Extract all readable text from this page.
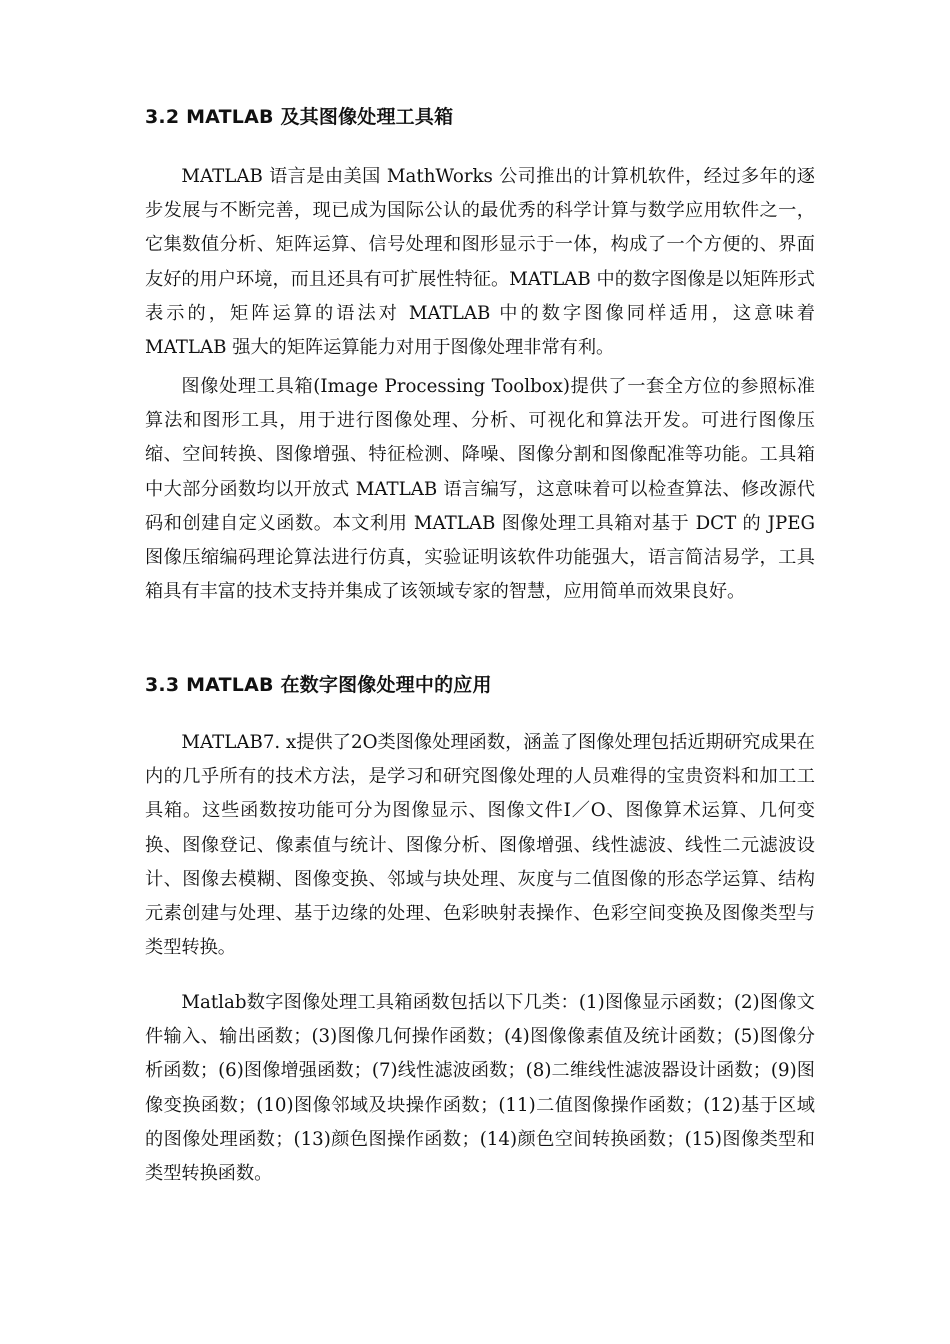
3.2 MATLAB 及其图像处理工具箱

MATLAB 语言是由美国 MathWorks 公司推出的计算机软件，经过多年的逐步发展与不断完善，现已成为国际公认的最优秀的科学计算与数学应用软件之一，它集数值分析、矩阵运算、信号处理和图形显示于一体，构成了一个方便的、界面友好的用户环境，而且还具有可扩展性特征。MATLAB 中的数字图像是以矩阵形式表示的，矩阵运算的语法对 MATLAB 中的数字图像同样适用，这意味着 MATLAB 强大的矩阵运算能力对用于图像处理非常有利。

图像处理工具箱(Image Processing Toolbox)提供了一套全方位的参照标准算法和图形工具，用于进行图像处理、分析、可视化和算法开发。可进行图像压缩、空间转换、图像增强、特征检测、降噪、图像分割和图像配准等功能。工具箱中大部分函数均以开放式 MATLAB 语言编写，这意味着可以检查算法、修改源代码和创建自定义函数。本文利用 MATLAB 图像处理工具箱对基于 DCT 的 JPEG 图像压缩编码理论算法进行仿真，实验证明该软件功能强大，语言简洁易学，工具箱具有丰富的技术支持并集成了该领域专家的智慧，应用简单而效果良好。

3.3 MATLAB 在数字图像处理中的应用

MATLAB7. x提供了2O类图像处理函数，涵盖了图像处理包括近期研究成果在内的几乎所有的技术方法，是学习和研究图像处理的人员难得的宝贵资料和加工工具箱。这些函数按功能可分为图像显示、图像文件I／O、图像算术运算、几何变换、图像登记、像素值与统计、图像分析、图像增强、线性滤波、线性二元滤波设计、图像去模糊、图像变换、邻域与块处理、灰度与二值图像的形态学运算、结构元素创建与处理、基于边缘的处理、色彩映射表操作、色彩空间变换及图像类型与类型转换。

Matlab数字图像处理工具箱函数包括以下几类：(1)图像显示函数；(2)图像文件输入、输出函数；(3)图像几何操作函数；(4)图像像素值及统计函数；(5)图像分析函数；(6)图像增强函数；(7)线性滤波函数；(8)二维线性滤波器设计函数；(9)图像变换函数；(10)图像邻域及块操作函数；(11)二值图像操作函数；(12)基于区域的图像处理函数；(13)颜色图操作函数；(14)颜色空间转换函数；(15)图像类型和类型转换函数。
